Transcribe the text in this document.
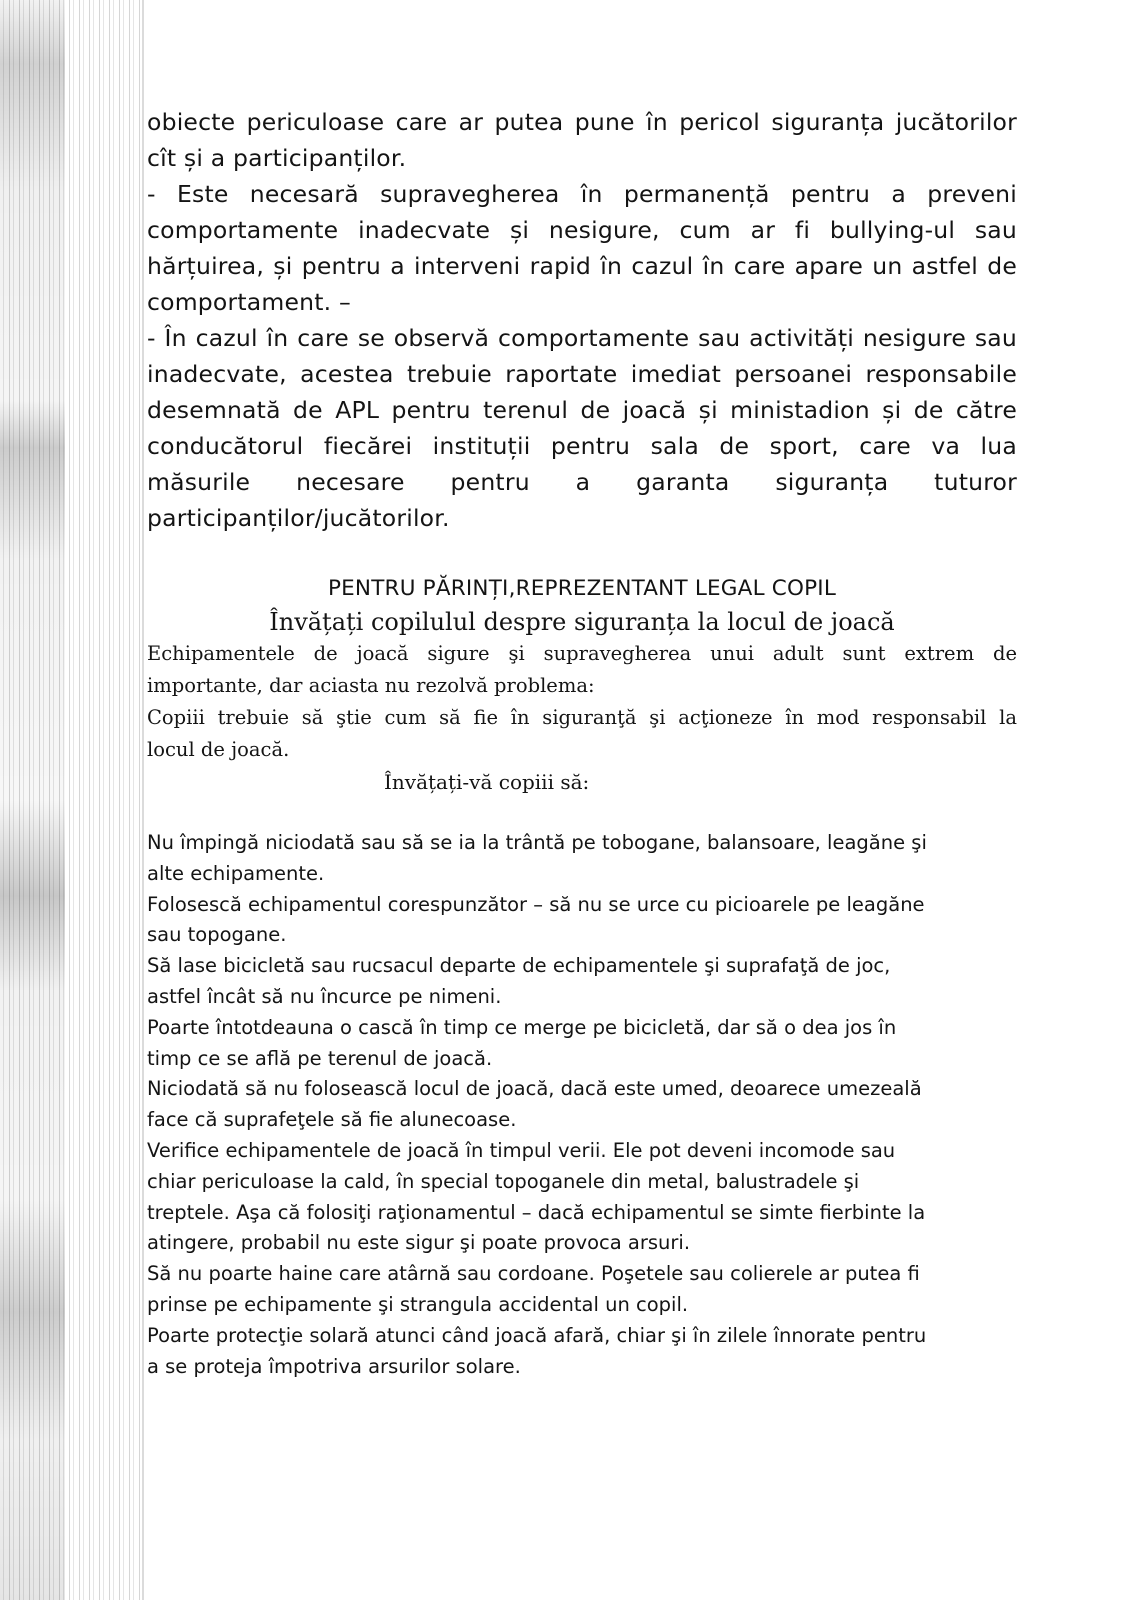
obiecte periculoase care ar putea pune în pericol siguranța jucătorilor
cît și a participanților.
- Este necesară supravegherea în permanență pentru a preveni
comportamente inadecvate și nesigure, cum ar fi bullying-ul sau
hărțuirea, și pentru a interveni rapid în cazul în care apare un astfel de
comportament. –
- În cazul în care se observă comportamente sau activități nesigure sau
inadecvate, acestea trebuie raportate imediat persoanei responsabile
desemnată de APL pentru terenul de joacă și ministadion și de către
conducătorul fiecărei instituții pentru sala de sport, care va lua
măsurile necesare pentru a garanta siguranța tuturor
participanților/jucătorilor.

PENTRU PĂRINȚI,REPREZENTANT LEGAL COPIL
Învățați copilulul despre siguranța la locul de joacă

Echipamentele de joacă sigure şi supravegherea unui adult sunt extrem de
importante, dar aciasta nu rezolvă problema:
Copiii trebuie să ştie cum să fie în siguranţă şi acţioneze în mod responsabil la
locul de joacă.

Învățați-vă copiii să:
Nu împingă niciodată sau să se ia la trântă pe tobogane, balansoare, leagăne şi
alte echipamente.
Folosescă echipamentul corespunzător – să nu se urce cu picioarele pe leagăne
sau topogane.
Să lase bicicletă sau rucsacul departe de echipamentele şi suprafaţă de joc,
astfel încât să nu încurce pe nimeni.
Poarte întotdeauna o cască în timp ce merge pe bicicletă, dar să o dea jos în
timp ce se află pe terenul de joacă.
Niciodată să nu folosească locul de joacă, dacă este umed, deoarece umezeală
face că suprafeţele să fie alunecoase.
Verifice echipamentele de joacă în timpul verii. Ele pot deveni incomode sau
chiar periculoase la cald, în special topoganele din metal, balustradele şi
treptele. Aşa că folosiţi raţionamentul – dacă echipamentul se simte fierbinte la
atingere, probabil nu este sigur şi poate provoca arsuri.
Să nu poarte haine care atârnă sau cordoane. Poşetele sau colierele ar putea fi
prinse pe echipamente şi strangula accidental un copil.
Poarte protecţie solară atunci când joacă afară, chiar şi în zilele înnorate pentru
a se proteja împotriva arsurilor solare.
